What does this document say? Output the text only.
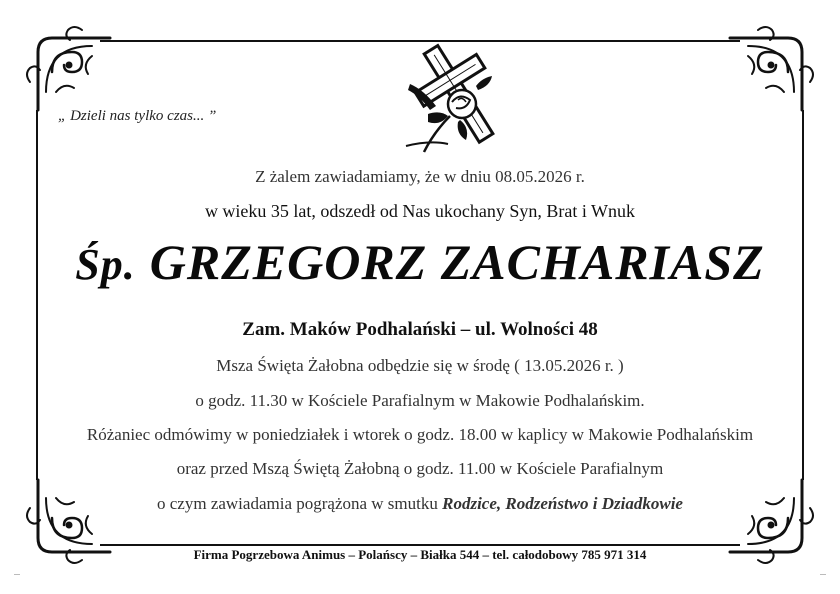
„ Dzieli nas tylko czas... ”
Z żalem zawiadamiamy, że w dniu 08.05.2026 r.
w wieku 35 lat, odszedł od Nas ukochany Syn, Brat i Wnuk
Śp. GRZEGORZ ZACHARIASZ
Zam. Maków Podhalański – ul. Wolności 48
Msza Święta Żałobna odbędzie się w środę ( 13.05.2026 r. )
o godz. 11.30 w Kościele Parafialnym w Makowie Podhalańskim.
Różaniec odmówimy w poniedziałek i wtorek o godz. 18.00 w kaplicy w Makowie Podhalańskim
oraz przed Mszą Świętą Żałobną o godz. 11.00 w Kościele Parafialnym
o czym zawiadamia pogrążona w smutku Rodzice, Rodzeństwo i Dziadkowie
Firma Pogrzebowa Animus – Polańscy – Białka 544 – tel. całodobowy 785 971 314
